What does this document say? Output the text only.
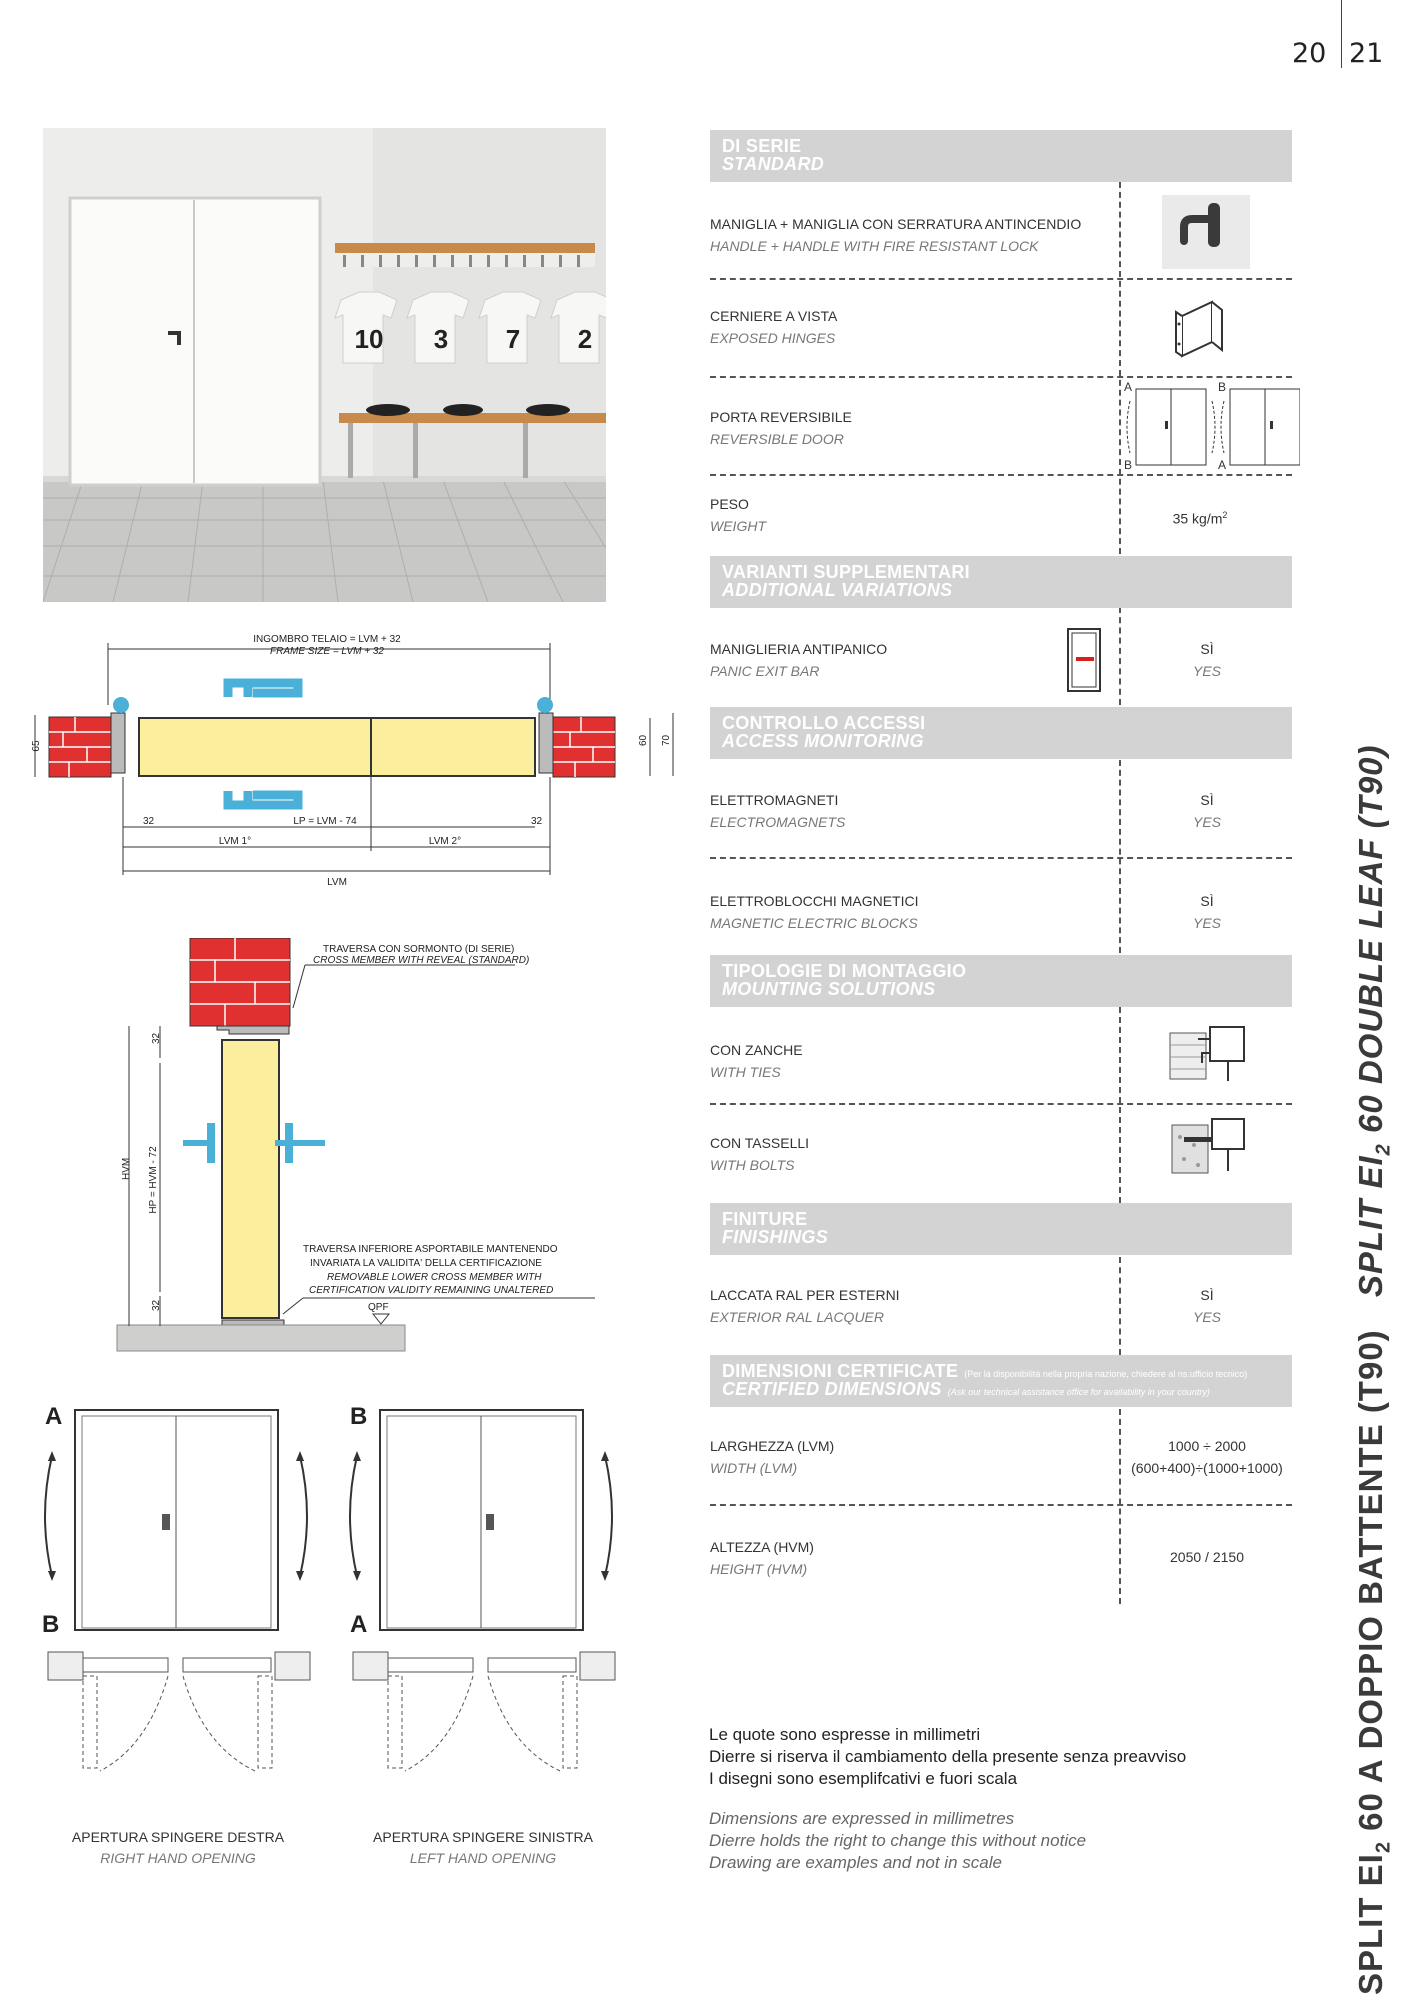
20 21
10 3 7 2
INGOMBRO TELAIO = LVM + 32
FRAME SIZE = LVM + 32
65	60 70
LP = LVM - 74
32	32
LVM 1°	LVM 2°
LVM
TRAVERSA CON SORMONTO (DI SERIE)
CROSS MEMBER WITH REVEAL (STANDARD)
QPF
HVM HP = HVM - 72
32
32
TRAVERSA INFERIORE ASPORTABILE MANTENENDO
INVARIATA LA VALIDITA' DELLA CERTIFICAZIONE
REMOVABLE LOWER CROSS MEMBER WITH
CERTIFICATION VALIDITY REMAINING UNALTERED
A
B
B
A
APERTURA SPINGERE DESTRA
RIGHT HAND OPENING
APERTURA SPINGERE SINISTRA
LEFT HAND OPENING
DI SERIE
STANDARD
MANIGLIA + MANIGLIA CON SERRATURA ANTINCENDIO
HANDLE + HANDLE WITH FIRE RESISTANT LOCK
CERNIERE A VISTA
EXPOSED HINGES
PORTA REVERSIBILE
REVERSIBLE DOOR
A
B
B
A
PESO
WEIGHT	35 $kg/m^2$
VARIANTI SUPPLEMENTARI
ADDITIONAL VARIATIONS
MANIGLIERIA ANTIPANICO
PANIC EXIT BAR
SÌ
YES
CONTROLLO ACCESSI
ACCESS MONITORING
ELETTROMAGNETI
ELECTROMAGNETS
SÌ
YES
ELETTROBLOCCHI MAGNETICI
MAGNETIC ELECTRIC BLOCKS
SÌ
YES
TIPOLOGIE DI MONTAGGIO
MOUNTING SOLUTIONS
CON ZANCHE
WITH TIES
CON TASSELLI
WITH BOLTS
FINITURE
FINISHINGS
LACCATA RAL PER ESTERNI
EXTERIOR RAL LACQUER
SÌ
YES
DIMENSIONI CERTIFICATE (Per la disponibilità nella propria nazione, chiedere al ns.ufficio tecnico)
CERTIFIED DIMENSIONS (Ask our technical assistance office for availability in your country)
LARGHEZZA (LVM)
WIDTH (LVM)
1000 ÷ 2000
(600+400)÷(1000+1000)
ALTEZZA (HVM)
HEIGHT (HVM)
2050 / 2150
Le quote sono espresse in millimetri
Dierre si riserva il cambiamento della presente senza preavviso
I disegni sono esemplifcativi e fuori scala
Dimensions are expressed in millimetres
Dierre holds the right to change this without notice
Drawing are examples and not in scale	SPLIT $EI_2$ 60 A DOPPIO BATTENTE (T90) SPLIT $EI_2$ 60 DOUBLE LEAF (T90)
